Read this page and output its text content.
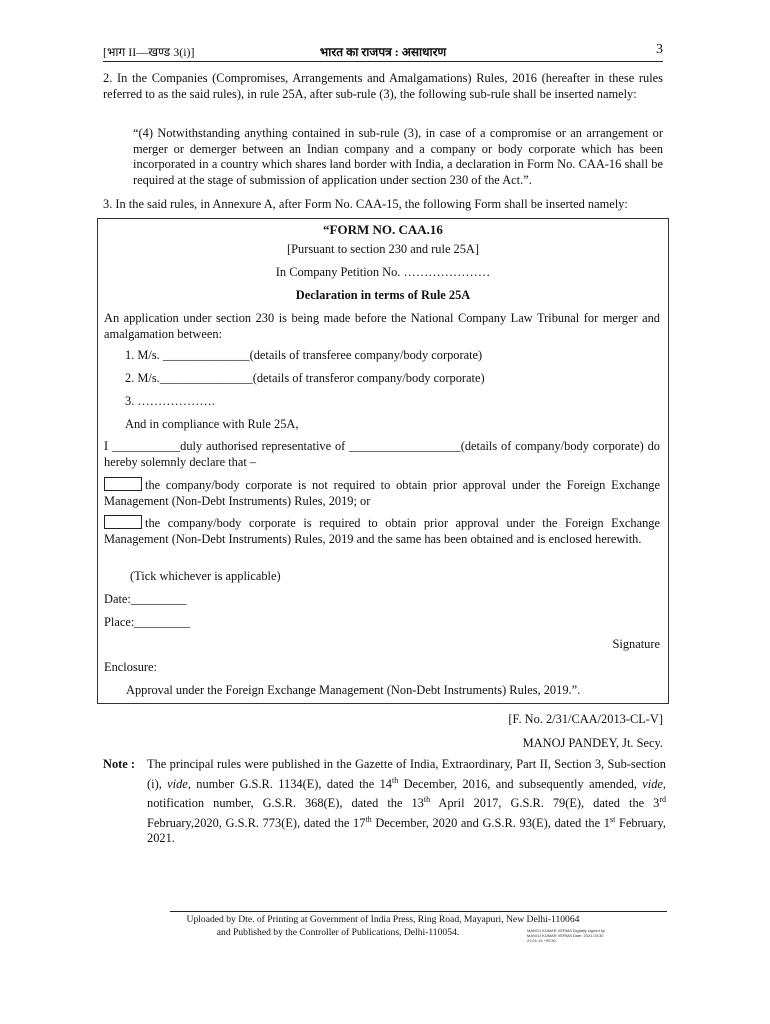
[भाग II—खण्ड 3(i)]	भारत का राजपत्र : असाधारण	3

2. In the Companies (Compromises, Arrangements and Amalgamations) Rules, 2016 (hereafter in these rules referred to as the said rules), in rule 25A, after sub-rule (3), the following sub-rule shall be inserted namely:

“(4) Notwithstanding anything contained in sub-rule (3), in case of a compromise or an arrangement or merger or demerger between an Indian company and a company or body corporate which has been incorporated in a country which shares land border with India, a declaration in Form No. CAA-16 shall be required at the stage of submission of application under section 230 of the Act.”.

3. In the said rules, in Annexure A, after Form No. CAA-15, the following Form shall be inserted namely:

“FORM NO. CAA.16
[Pursuant to section 230 and rule 25A]
In Company Petition No. …………………
Declaration in terms of Rule 25A
An application under section 230 is being made before the National Company Law Tribunal for merger and amalgamation between:
1. M/s. ______________(details of transferee company/body corporate)
2. M/s._______________(details of transferor company/body corporate)
3. ……………….
And in compliance with Rule 25A,
I ___________duly authorised representative of __________________(details of company/body corporate) do hereby solemnly declare that –
the company/body corporate is not required to obtain prior approval under the Foreign Exchange Management (Non-Debt Instruments) Rules, 2019; or
the company/body corporate is required to obtain prior approval under the Foreign Exchange Management (Non-Debt Instruments) Rules, 2019 and the same has been obtained and is enclosed herewith.
(Tick whichever is applicable)
Date:_________
Place:_________
Signature
Enclosure:
Approval under the Foreign Exchange Management (Non-Debt Instruments) Rules, 2019.”.
[F. No. 2/31/CAA/2013-CL-V]
MANOJ PANDEY, Jt. Secy.
Note : The principal rules were published in the Gazette of India, Extraordinary, Part II, Section 3, Sub-section (i), vide, number G.S.R. 1134(E), dated the 14th December, 2016, and subsequently amended, vide, notification number, G.S.R. 368(E), dated the 13th April 2017, G.S.R. 79(E), dated the 3rd February,2020, G.S.R. 773(E), dated the 17th December, 2020 and G.S.R. 93(E), dated the 1st February, 2021.

Uploaded by Dte. of Printing at Government of India Press, Ring Road, Mayapuri, New Delhi-110064
and Published by the Controller of Publications, Delhi-110054.	MANOJ KUMAR VERMA Digitally signed by MANOJ KUMAR VERMA Date: 2021.03.30 22:01:14 +05'30'
